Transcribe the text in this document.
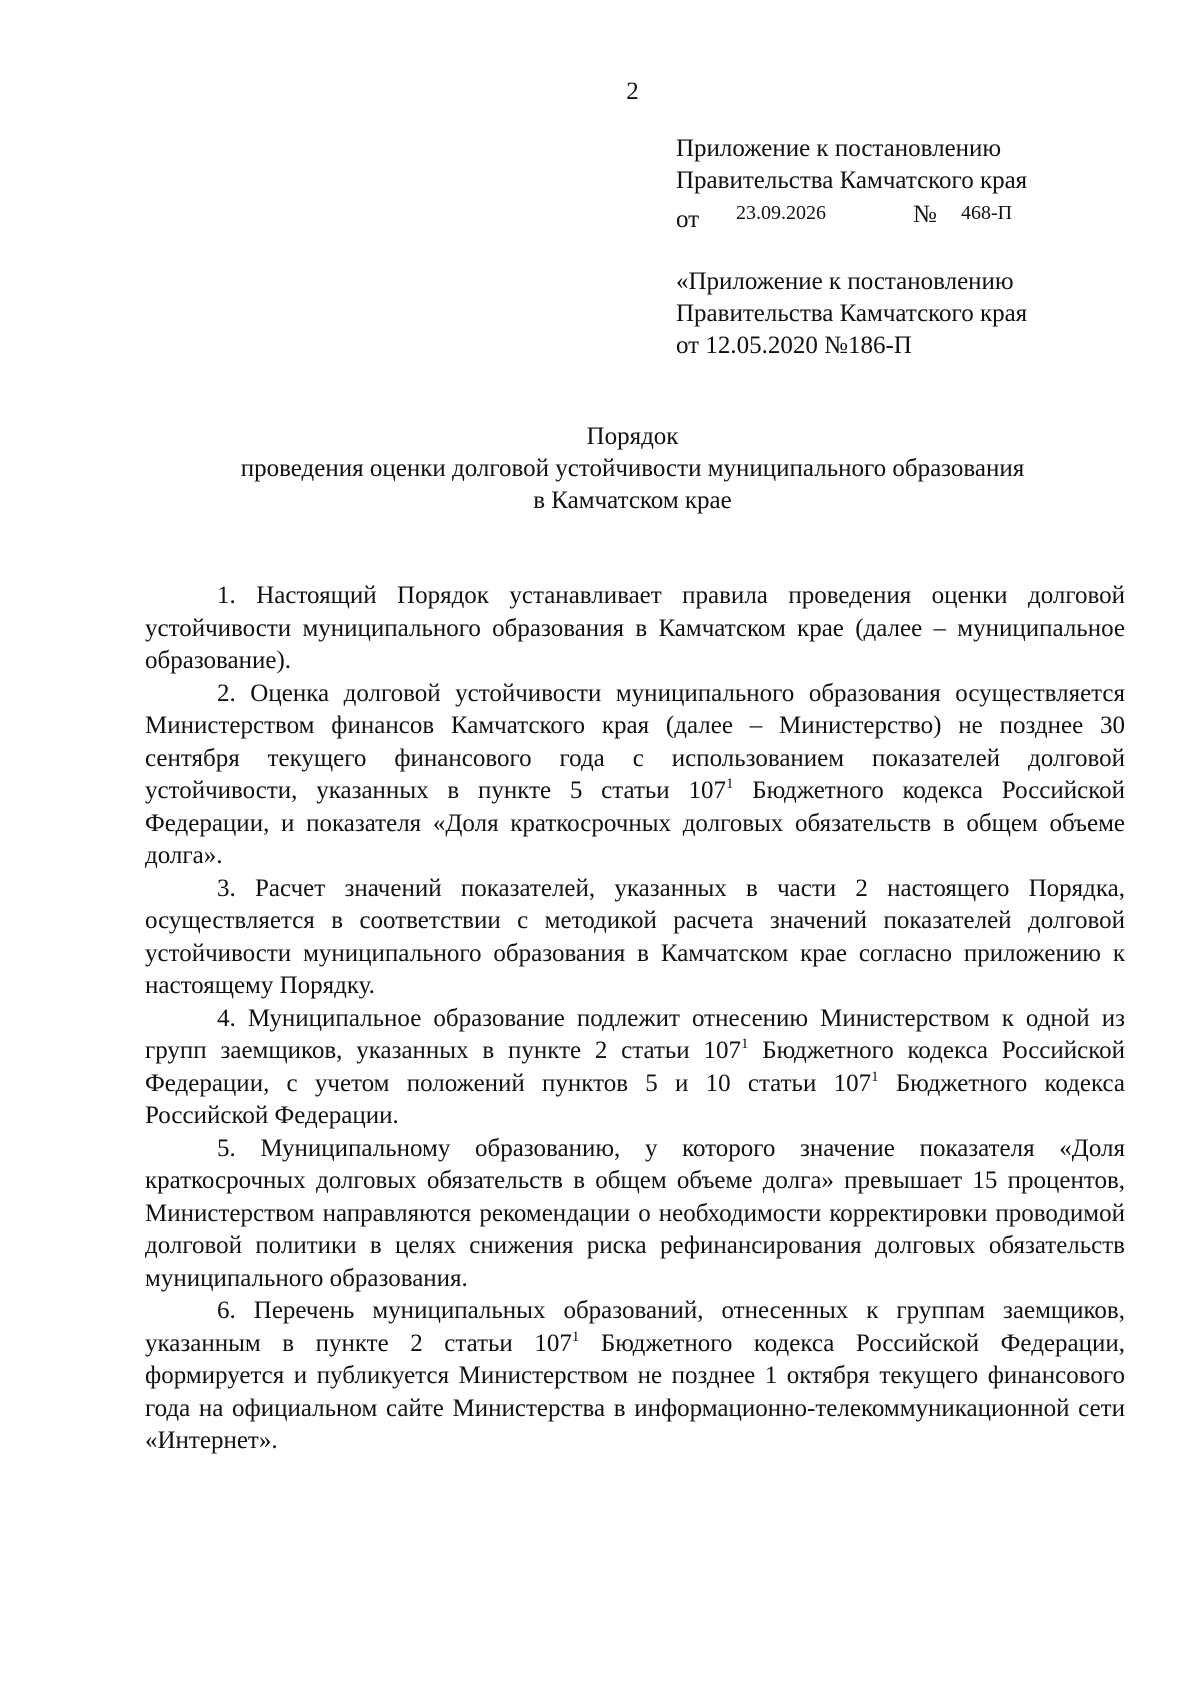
2
Приложение к постановлению
Правительства Камчатского края
от 23.09.2026	№ 468-П
«Приложение к постановлению
Правительства Камчатского края
от 12.05.2020 №186-П
Порядок
проведения оценки долговой устойчивости муниципального образования
в Камчатском крае

1. Настоящий Порядок устанавливает правила проведения оценки долговой устойчивости муниципального образования в Камчатском крае (далее – муниципальное образование).

2. Оценка долговой устойчивости муниципального образования осуществляется Министерством финансов Камчатского края (далее – Министерство) не позднее 30 сентября текущего финансового года с использованием показателей долговой устойчивости, указанных в пункте 5 статьи $107^1$ Бюджетного кодекса Российской Федерации, и показателя «Доля краткосрочных долговых обязательств в общем объеме долга».

3. Расчет значений показателей, указанных в части 2 настоящего Порядка, осуществляется в соответствии с методикой расчета значений показателей долговой устойчивости муниципального образования в Камчатском крае согласно приложению к настоящему Порядку.

4. Муниципальное образование подлежит отнесению Министерством к одной из групп заемщиков, указанных в пункте 2 статьи $107^1$ Бюджетного кодекса Российской Федерации, с учетом положений пунктов 5 и 10 статьи $107^1$ Бюджетного кодекса Российской Федерации.

5. Муниципальному образованию, у которого значение показателя «Доля краткосрочных долговых обязательств в общем объеме долга» превышает 15 процентов, Министерством направляются рекомендации о необходимости корректировки проводимой долговой политики в целях снижения риска рефинансирования долговых обязательств муниципального образования.

6. Перечень муниципальных образований, отнесенных к группам заемщиков, указанным в пункте 2 статьи $107^1$ Бюджетного кодекса Российской Федерации, формируется и публикуется Министерством не позднее 1 октября текущего финансового года на официальном сайте Министерства в информационно-телекоммуникационной сети «Интернет».
